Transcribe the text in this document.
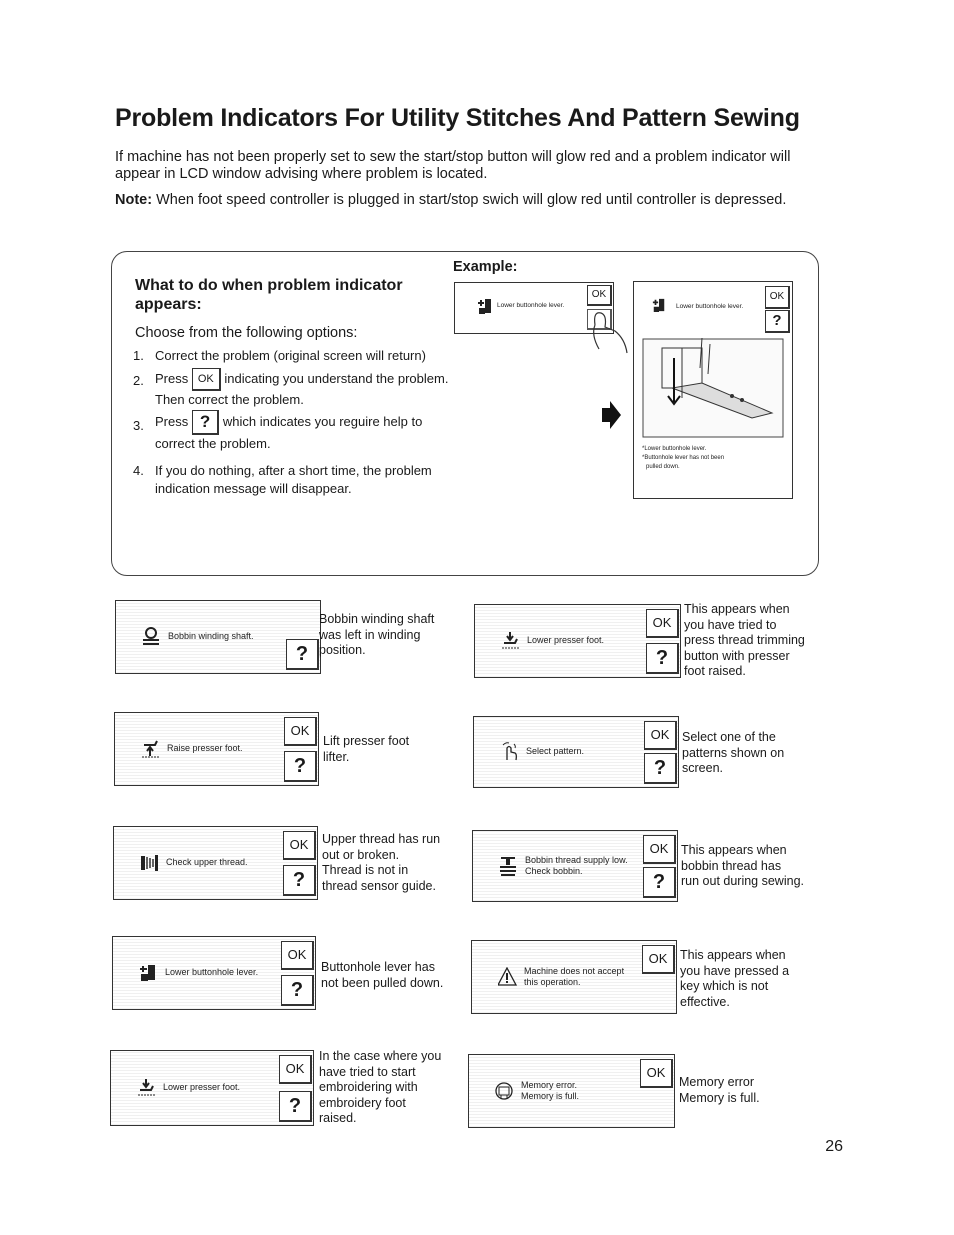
Problem Indicators For Utility Stitches And Pattern Sewing
If machine has not been properly set to sew the start/stop button will glow red and a problem indicator will appear in LCD window advising where problem is located.
Note: When foot speed controller is plugged in start/stop swich will glow red until controller is depressed.
What to do when problem indicator appears:
Choose from the following options:
1. Correct the problem (original screen will return)
2. Press OK indicating you understand the problem.
Then correct the problem.
3. Press ? which indicates you reguire help to
correct the problem.
4. If you do nothing, after a short time, the problem
indication message will disappear.
Example:
Lower buttonhole lever.
OK
Lower buttonhole lever.
OK
?
*Lower buttonhole lever.
*Buttonhole lever has not been
pulled down.
Bobbin winding shaft.
?
Bobbin winding shaft
was left in winding
position.
Lower presser foot.
OK
?
This appears when
you have tried to
press thread trimming
button with presser
foot raised.
Raise presser foot.
OK
?
Lift presser foot
lifter.	Select pattern.
OK
?
Select one of the
patterns shown on
screen.
Check upper thread.
OK
?
Upper thread has run
out or broken.
Thread is not in
thread sensor guide.
Bobbin thread supply low.
Check bobbin.
OK
?
This appears when
bobbin thread has
run out during sewing.
Lower buttonhole lever.
OK
?
Buttonhole lever has
not been pulled down.
Machine does not accept
this operation.
OK	This appears when
you have pressed a
key which is not
effective.
Lower presser foot.
OK
?
In the case where you
have tried to start
embroidering with
embroidery foot
raised.
Memory error.
Memory is full.
OK
Memory error
Memory is full.
26
